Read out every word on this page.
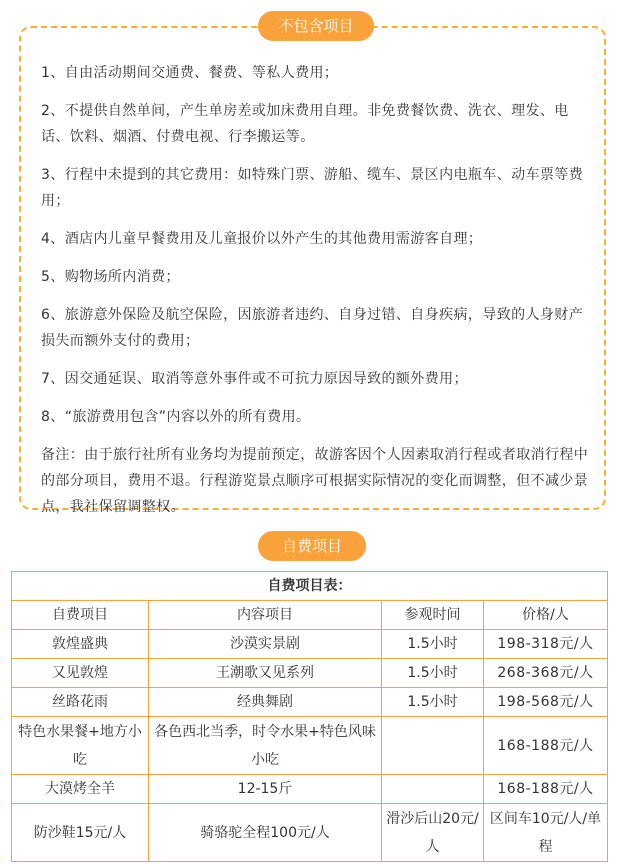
不包含项目

1、自由活动期间交通费、餐费、等私人费用；

2、不提供自然单间，产生单房差或加床费用自理。非免费餐饮费、洗衣、理发、电话、饮料、烟酒、付费电视、行李搬运等。

3、行程中未提到的其它费用：如特殊门票、游船、缆车、景区内电瓶车、动车票等费用；

4、酒店内儿童早餐费用及儿童报价以外产生的其他费用需游客自理；

5、购物场所内消费；

6、旅游意外保险及航空保险，因旅游者违约、自身过错、自身疾病，导致的人身财产损失而额外支付的费用；

7、因交通延误、取消等意外事件或不可抗力原因导致的额外费用；

8、“旅游费用包含”内容以外的所有费用。

备注：由于旅行社所有业务均为提前预定，故游客因个人因素取消行程或者取消行程中的部分项目，费用不退。行程游览景点顺序可根据实际情况的变化而调整，但不减少景点，我社保留调整权。

自费项目
自费项目表：			
自费项目	内容项目	参观时间	价格/人
敦煌盛典	沙漠实景剧	1.5小时	198-318元/人
又见敦煌	王潮歌又见系列	1.5小时	268-368元/人
丝路花雨	经典舞剧	1.5小时	198-568元/人
特色水果餐+地方小吃	各色西北当季，时令水果+特色风味小吃		168-188元/人
大漠烤全羊	12-15斤		168-188元/人
防沙鞋15元/人	骑骆驼全程100元/人	滑沙后山20元/人	区间车10元/人/单程
